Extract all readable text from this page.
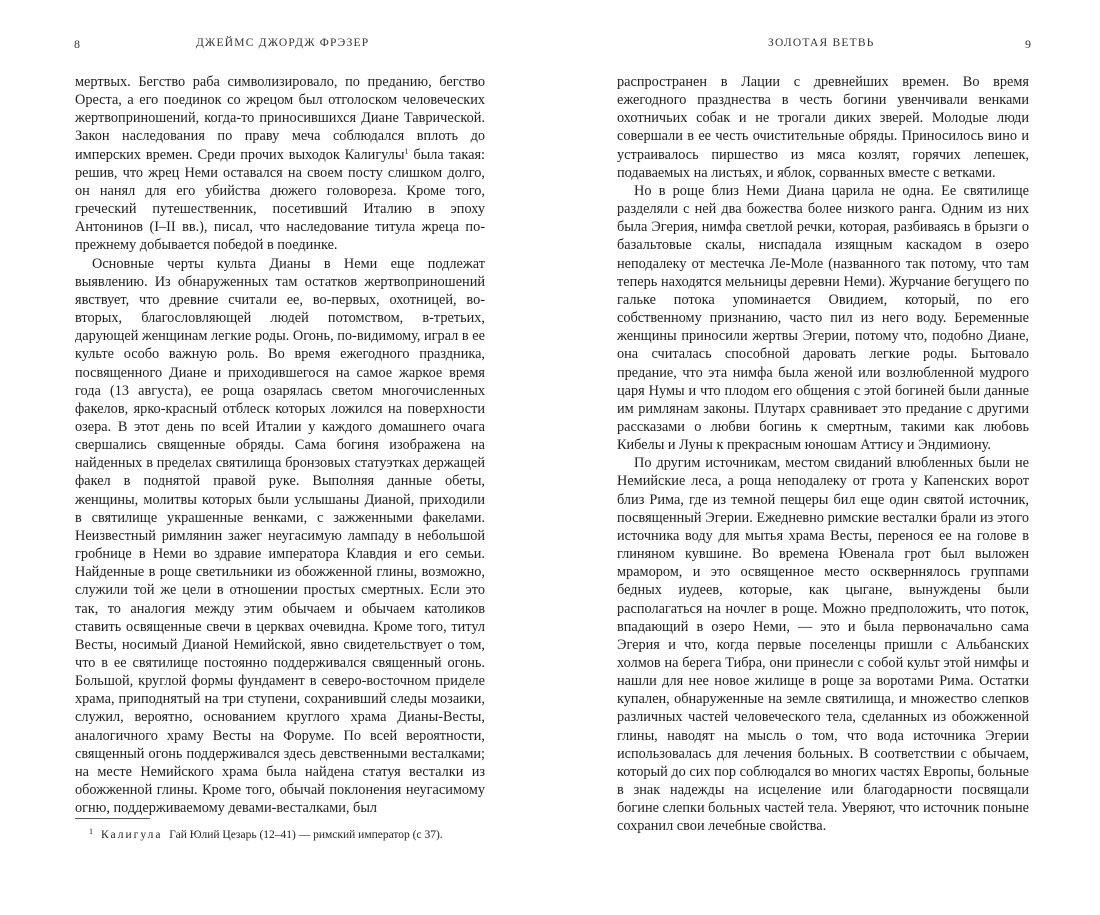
8	ДЖЕЙМС ДЖОРДЖ ФРЭЗЕР

мертвых. Бегство раба символизировало, по преданию, бегство Ореста, а его поединок со жрецом был отголоском человеческих жертвоприношений, когда-то приносившихся Диане Таврической. Закон наследования по праву меча соблюдался вплоть до имперских времен. Среди прочих выходок Калигулы$^1$ была такая: решив, что жрец Неми оставался на своем посту слишком долго, он нанял для его убийства дюжего головореза. Кроме того, греческий путешественник, посетивший Италию в эпоху Антонинов (I–II вв.), писал, что наследование титула жреца по-прежнему добывается победой в поединке.

Основные черты культа Дианы в Неми еще подлежат выявлению. Из обнаруженных там остатков жертвоприношений явствует, что древние считали ее, во-первых, охотницей, во-вторых, благословляющей людей потомством, в-третьих, дарующей женщинам легкие роды. Огонь, по-видимому, играл в ее культе особо важную роль. Во время ежегодного праздника, посвященного Диане и приходившегося на самое жаркое время года (13 августа), ее роща озарялась светом многочисленных факелов, ярко-красный отблеск которых ложился на поверхности озера. В этот день по всей Италии у каждого домашнего очага свершались священные обряды. Сама богиня изображена на найденных в пределах святилища бронзовых статуэтках держащей факел в поднятой правой руке. Выполняя данные обеты, женщины, молитвы которых были услышаны Дианой, приходили в святилище украшенные венками, с зажженными факелами. Неизвестный римлянин зажег неугасимую лампаду в небольшой гробнице в Неми во здравие императора Клавдия и его семьи. Найденные в роще светильники из обожженной глины, возможно, служили той же цели в отношении простых смертных. Если это так, то аналогия между этим обычаем и обычаем католиков ставить освященные свечи в церквах очевидна. Кроме того, титул Весты, носимый Дианой Немийской, явно свидетельствует о том, что в ее святилище постоянно поддерживался священный огонь. Большой, круглой формы фундамент в северо-восточном приделе храма, приподнятый на три ступени, сохранивший следы мозаики, служил, вероятно, основанием круглого храма Дианы-Весты, аналогичного храму Весты на Форуме. По всей вероятности, священный огонь поддерживался здесь девственными весталками; на месте Немийского храма была найдена статуя весталки из обожженной глины. Кроме того, обычай поклонения неугасимому огню, поддерживаемому девами-весталками, был

$^1$ Калигула Гай Юлий Цезарь (12–41) — римский император (с 37).
ЗОЛОТАЯ ВЕТВЬ	9

распространен в Лации с древнейших времен. Во время ежегодного празднества в честь богини увенчивали венками охотничьих собак и не трогали диких зверей. Молодые люди совершали в ее честь очистительные обряды. Приносилось вино и устраивалось пиршество из мяса козлят, горячих лепешек, подаваемых на листьях, и яблок, сорванных вместе с ветками.

Но в роще близ Неми Диана царила не одна. Ее святилище разделяли с ней два божества более низкого ранга. Одним из них была Эгерия, нимфа светлой речки, которая, разбиваясь в брызги о базальтовые скалы, ниспадала изящным каскадом в озеро неподалеку от местечка Ле-Моле (названного так потому, что там теперь находятся мельницы деревни Неми). Журчание бегущего по гальке потока упоминается Овидием, который, по его собственному признанию, часто пил из него воду. Беременные женщины приносили жертвы Эгерии, потому что, подобно Диане, она считалась способной даровать легкие роды. Бытовало предание, что эта нимфа была женой или возлюбленной мудрого царя Нумы и что плодом его общения с этой богиней были данные им римлянам законы. Плутарх сравнивает это предание с другими рассказами о любви богинь к смертным, такими как любовь Кибелы и Луны к прекрасным юношам Аттису и Эндимиону.

По другим источникам, местом свиданий влюбленных были не Немийские леса, а роща неподалеку от грота у Капенских ворот близ Рима, где из темной пещеры бил еще один святой источник, посвященный Эгерии. Ежедневно римские весталки брали из этого источника воду для мытья храма Весты, перенося ее на голове в глиняном кувшине. Во времена Ювенала грот был выложен мрамором, и это освященное место оскверннялось группами бедных иудеев, которые, как цыгане, вынуждены были располагаться на ночлег в роще. Можно предположить, что поток, впадающий в озеро Неми, — это и была первоначально сама Эгерия и что, когда первые поселенцы пришли с Альбанских холмов на берега Тибра, они принесли с собой культ этой нимфы и нашли для нее новое жилище в роще за воротами Рима. Остатки купален, обнаруженные на земле святилища, и множество слепков различных частей человеческого тела, сделанных из обожженной глины, наводят на мысль о том, что вода источника Эгерии использовалась для лечения больных. В соответствии с обычаем, который до сих пор соблюдался во многих частях Европы, больные в знак надежды на исцеление или благодарности посвящали богине слепки больных частей тела. Уверяют, что источник поныне сохранил свои лечебные свойства.
